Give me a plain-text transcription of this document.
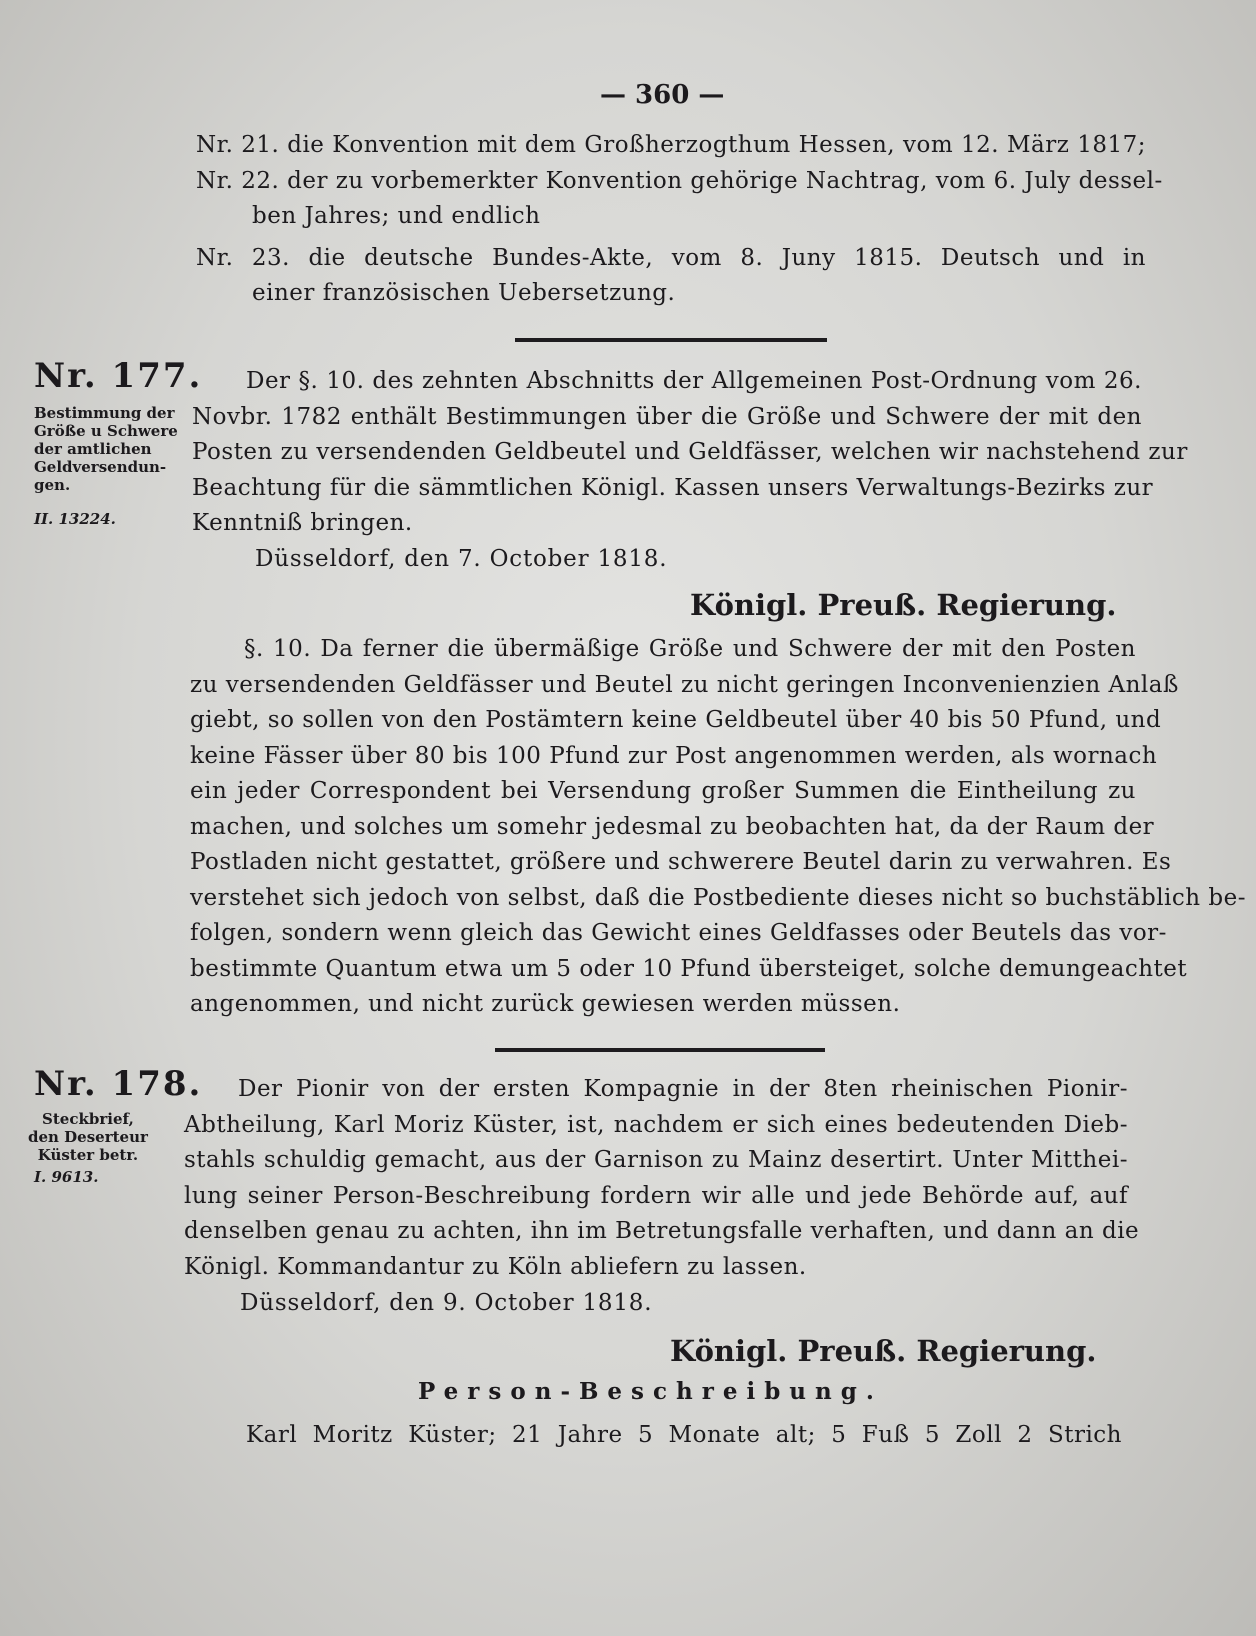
— 360 —
Nr. 21. die Konvention mit dem Großherzogthum Hessen, vom 12. März 1817;
Nr. 22. der zu vorbemerkter Konvention gehörige Nachtrag, vom 6. July dessel-
ben Jahres; und endlich
Nr. 23. die deutsche Bundes-Akte, vom 8. Juny 1815. Deutsch und in
einer französischen Uebersetzung.
Nr. 177.
Bestimmung der
Größe u Schwere
der amtlichen
Geldversendun-
gen.
II. 13224.
Der §. 10. des zehnten Abschnitts der Allgemeinen Post-Ordnung vom 26.
Novbr. 1782 enthält Bestimmungen über die Größe und Schwere der mit den
Posten zu versendenden Geldbeutel und Geldfässer, welchen wir nachstehend zur
Beachtung für die sämmtlichen Königl. Kassen unsers Verwaltungs-Bezirks zur
Kenntniß bringen.
Düsseldorf, den 7. October 1818.
Königl. Preuß. Regierung.
§. 10. Da ferner die übermäßige Größe und Schwere der mit den Posten
zu versendenden Geldfässer und Beutel zu nicht geringen Inconvenienzien Anlaß
giebt, so sollen von den Postämtern keine Geldbeutel über 40 bis 50 Pfund, und
keine Fässer über 80 bis 100 Pfund zur Post angenommen werden, als wornach
ein jeder Correspondent bei Versendung großer Summen die Eintheilung zu
machen, und solches um somehr jedesmal zu beobachten hat, da der Raum der
Postladen nicht gestattet, größere und schwerere Beutel darin zu verwahren. Es
verstehet sich jedoch von selbst, daß die Postbediente dieses nicht so buchstäblich be-
folgen, sondern wenn gleich das Gewicht eines Geldfasses oder Beutels das vor-
bestimmte Quantum etwa um 5 oder 10 Pfund übersteiget, solche demungeachtet
angenommen, und nicht zurück gewiesen werden müssen.
Nr. 178.
Steckbrief,
den Deserteur
Küster betr.
I. 9613.
Der Pionir von der ersten Kompagnie in der 8ten rheinischen Pionir-
Abtheilung, Karl Moriz Küster, ist, nachdem er sich eines bedeutenden Dieb-
stahls schuldig gemacht, aus der Garnison zu Mainz desertirt. Unter Mitthei-
lung seiner Person-Beschreibung fordern wir alle und jede Behörde auf, auf
denselben genau zu achten, ihn im Betretungsfalle verhaften, und dann an die
Königl. Kommandantur zu Köln abliefern zu lassen.
Düsseldorf, den 9. October 1818.
Königl. Preuß. Regierung.
Person-Beschreibung.
Karl Moritz Küster; 21 Jahre 5 Monate alt; 5 Fuß 5 Zoll 2 Strich
